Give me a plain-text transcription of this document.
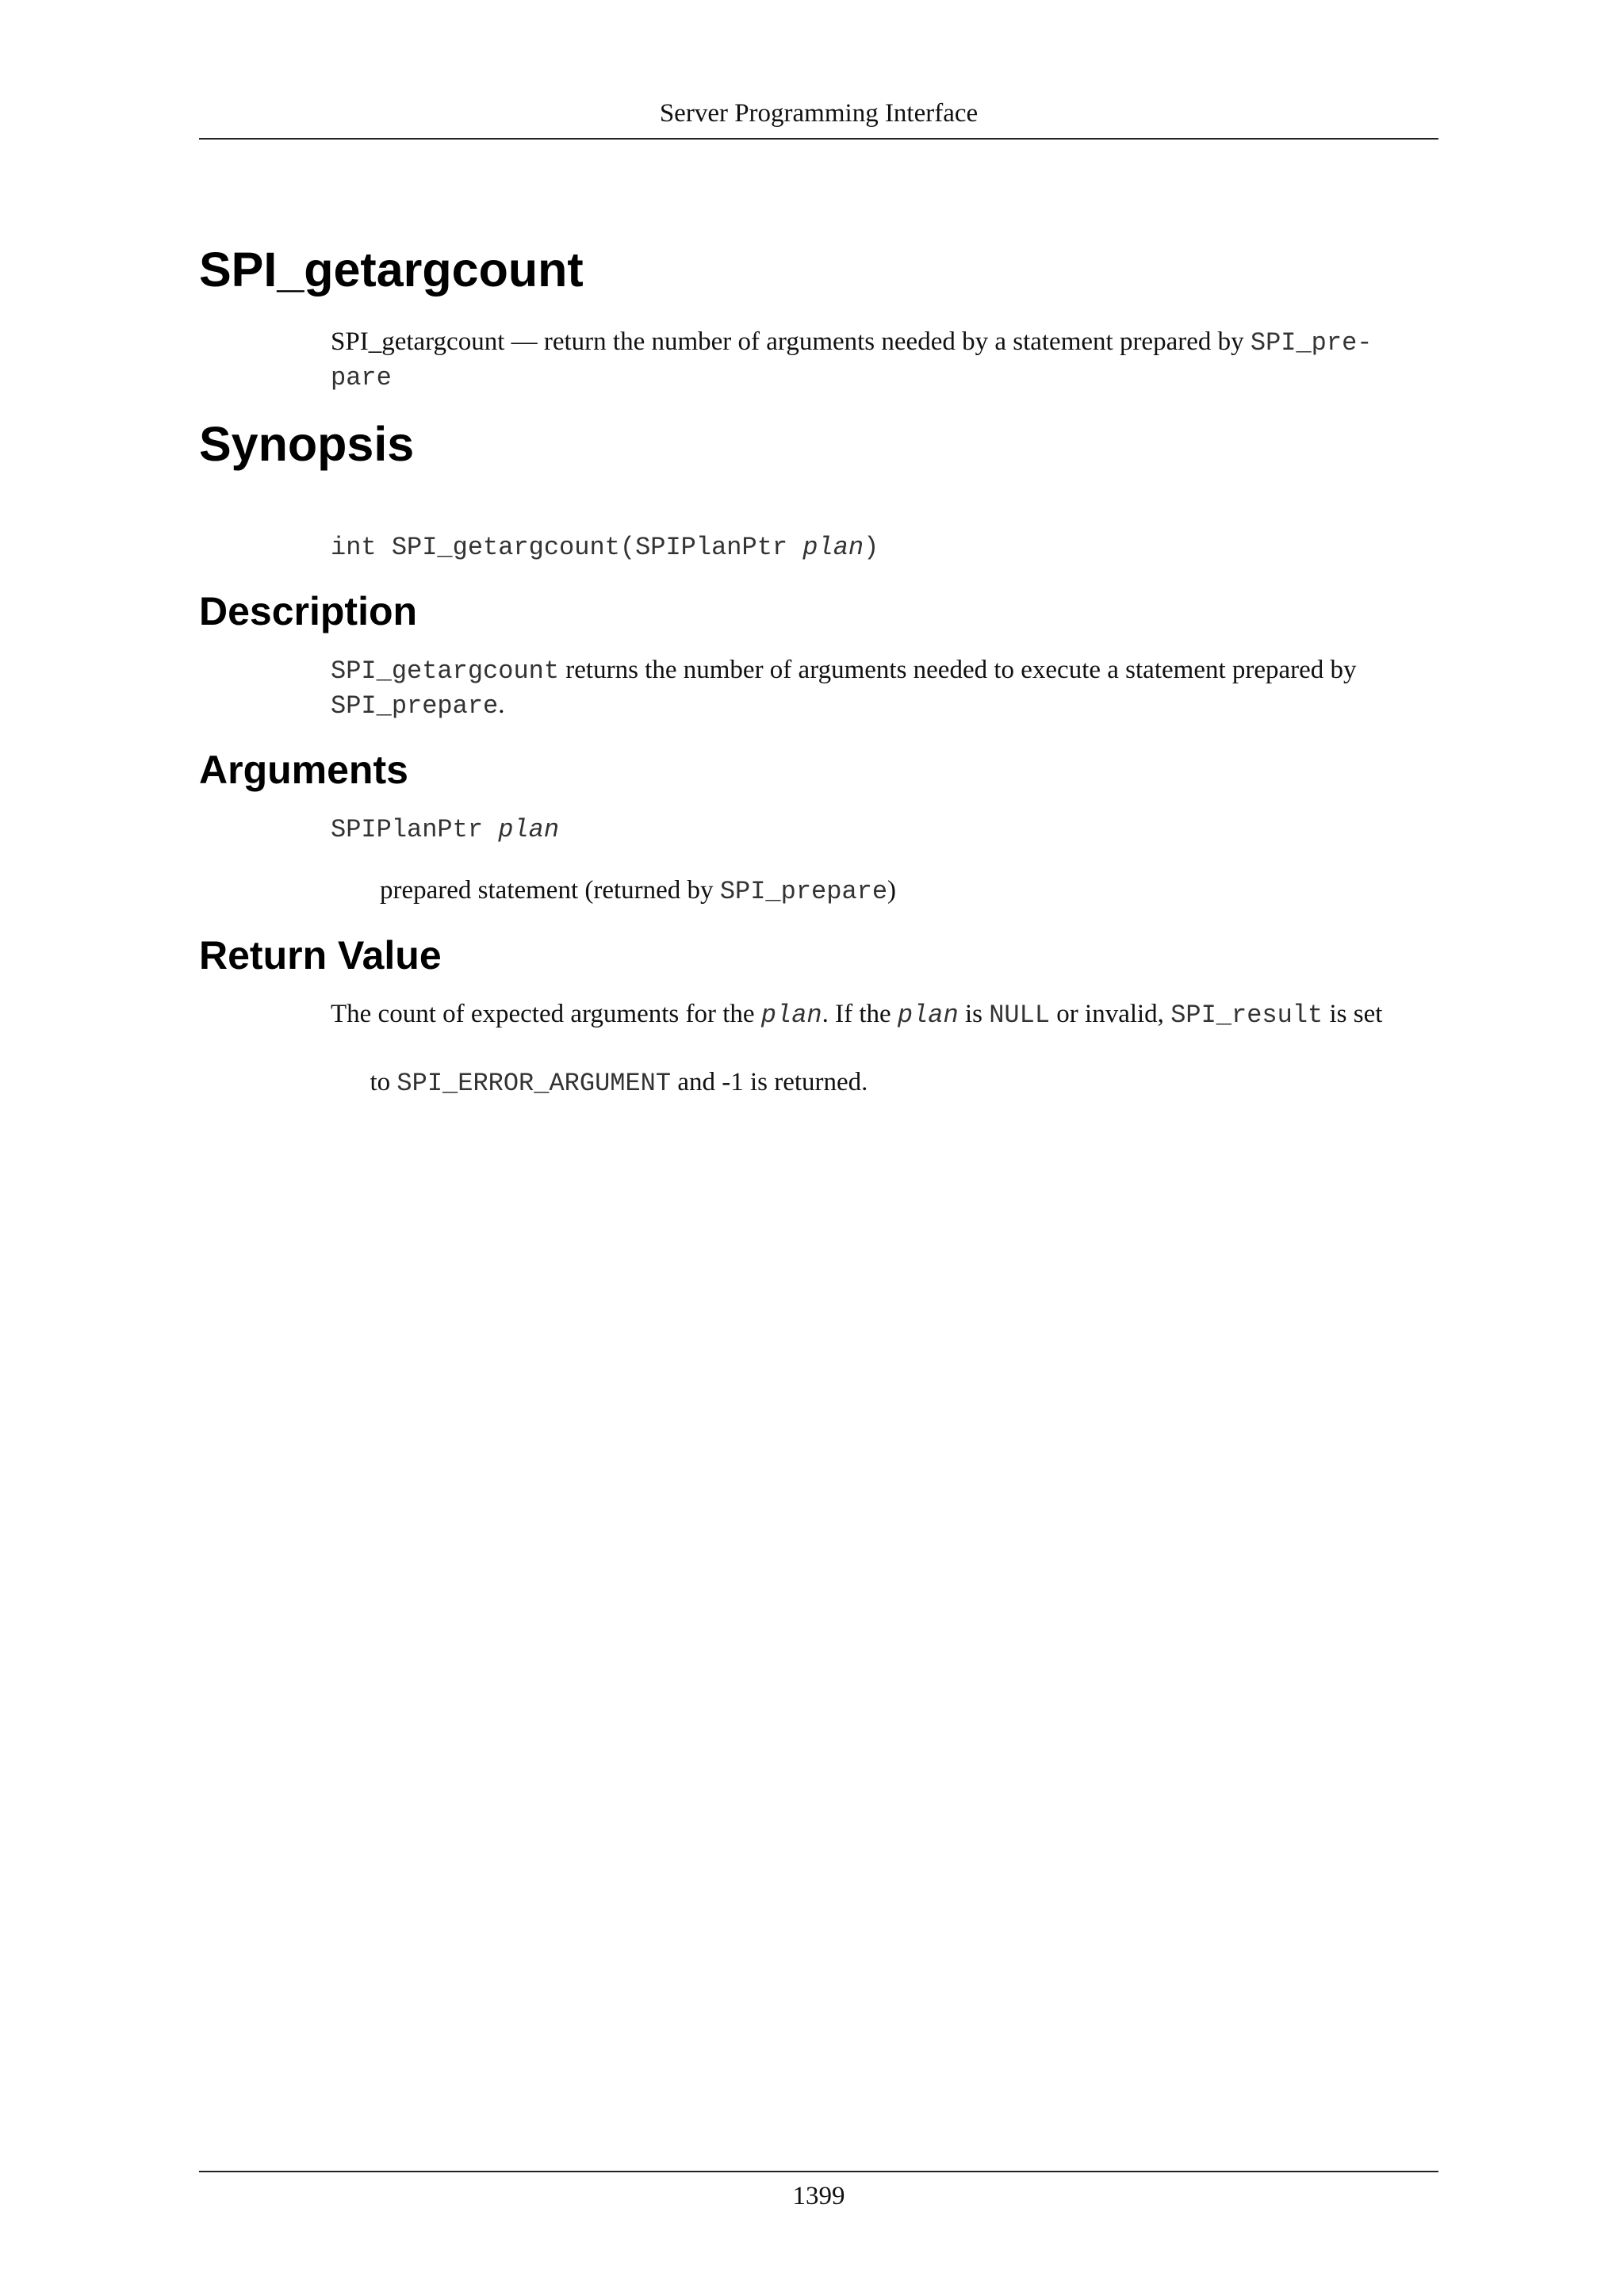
Server Programming Interface
SPI_getargcount
SPI_getargcount — return the number of arguments needed by a statement prepared by SPI_pre-
pare
Synopsis
int SPI_getargcount(SPIPlanPtr plan)
Description
SPI_getargcount returns the number of arguments needed to execute a statement prepared by
SPI_prepare.
Arguments
SPIPlanPtr plan
prepared statement (returned by SPI_prepare)
Return Value
The count of expected arguments for the plan. If the plan is NULL or invalid, SPI_result is set

to SPI_ERROR_ARGUMENT and -1 is returned.

1399
